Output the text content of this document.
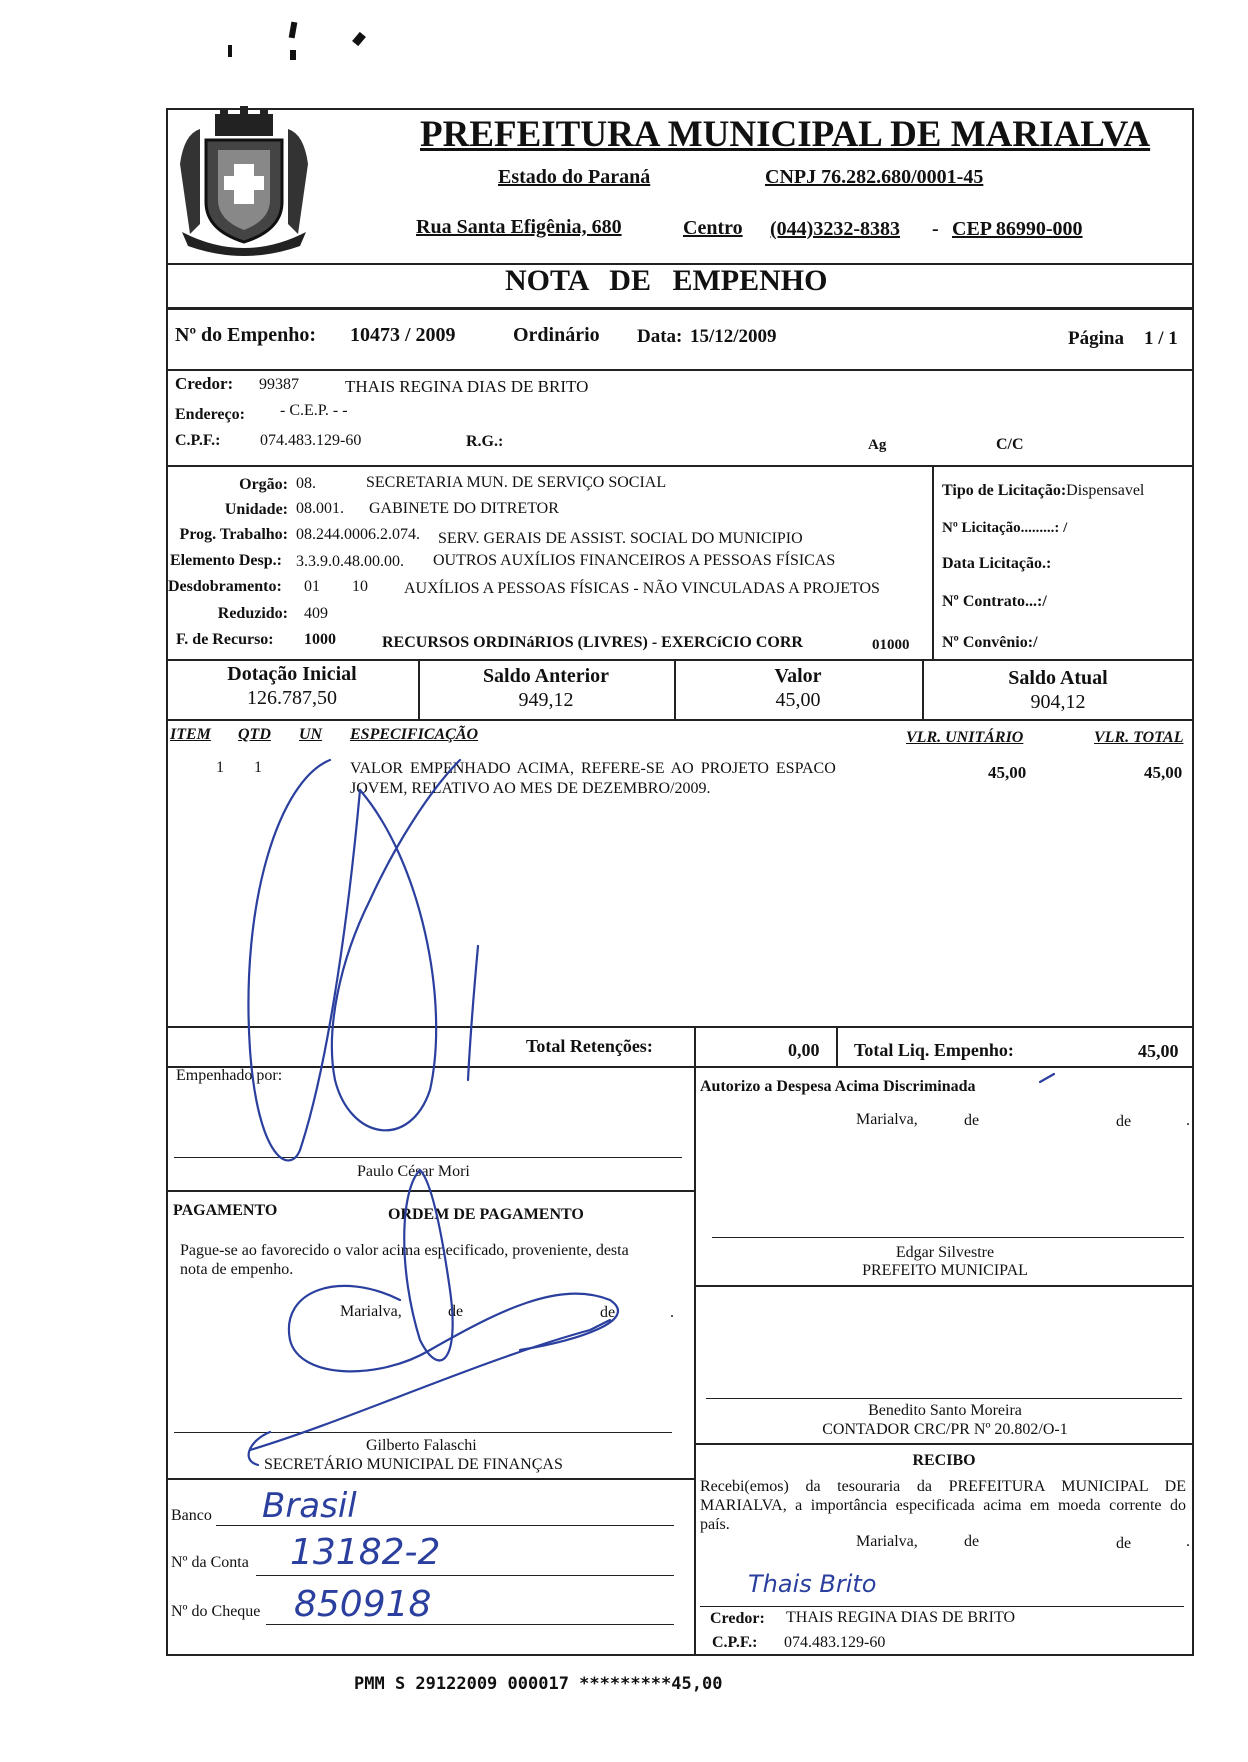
PREFEITURA MUNICIPAL DE MARIALVA
Estado do Paraná	CNPJ 76.282.680/0001-45
Rua Santa Efigênia, 680	Centro (044)3232-8383 - CEP 86990-000
NOTA DE EMPENHO
Nº do Empenho: 10473 / 2009	Ordinário Data: 15/12/2009	Página 1 / 1
Credor: 99387	THAIS REGINA DIAS DE BRITO
Endereço: - C.E.P. - -
C.P.F.: 074.483.129-60	R.G.:	Ag	C/C
Orgão: 08.	SECRETARIA MUN. DE SERVIÇO SOCIAL
Unidade: 08.001. GABINETE DO DITRETOR
Prog. Trabalho: 08.244.0006.2.074. SERV. GERAIS DE ASSIST. SOCIAL DO MUNICIPIO
Elemento Desp.: 3.3.9.0.48.00.00. OUTROS AUXÍLIOS FINANCEIROS A PESSOAS FÍSICAS
Desdobramento: 01 10 AUXÍLIOS A PESSOAS FÍSICAS - NÃO VINCULADAS A PROJETOS
Reduzido: 409
F. de Recurso: 1000	RECURSOS ORDINáRIOS (LIVRES) - EXERCíCIO CORR	01000
Tipo de Licitação:Dispensavel
Nº Licitação.........: /
Data Licitação.:
Nº Contrato...:/
Nº Convênio:/
Dotação Inicial
126.787,50
Saldo Anterior
949,12
Valor
45,00
Saldo Atual
904,12
ITEM QTD UN ESPECIFICAÇÃO	VLR. UNITÁRIO	VLR. TOTAL
1 1	VALOR EMPENHADO ACIMA, REFERE-SE AO PROJETO ESPACO
JOVEM, RELATIVO AO MES DE DEZEMBRO/2009.
45,00	45,00
Total Retenções:	0,00 Total Liq. Empenho:	45,00
Empenhado por:
Paulo César Mori
Autorizo a Despesa Acima Discriminada
Marialva,	de	de	.
Edgar Silvestre
PREFEITO MUNICIPAL
PAGAMENTO	ORDEM DE PAGAMENTO
Pague-se ao favorecido o valor acima especificado, proveniente, desta
nota de empenho.
Marialva,	de	de	.
Gilberto Falaschi
SECRETÁRIO MUNICIPAL DE FINANÇAS
Benedito Santo Moreira
CONTADOR CRC/PR Nº 20.802/O-1
RECIBO
Recebi(emos) da tesouraria da PREFEITURA MUNICIPAL DE
MARIALVA, a importância especificada acima em moeda corrente do
país.
Marialva,	de	de	.
Thais Brito
Credor: THAIS REGINA DIAS DE BRITO
C.P.F.: 074.483.129-60
Banco Brasil
Nº da Conta 13182-2
Nº do Cheque 850918
PMM S 29122009 000017 *********45,00
